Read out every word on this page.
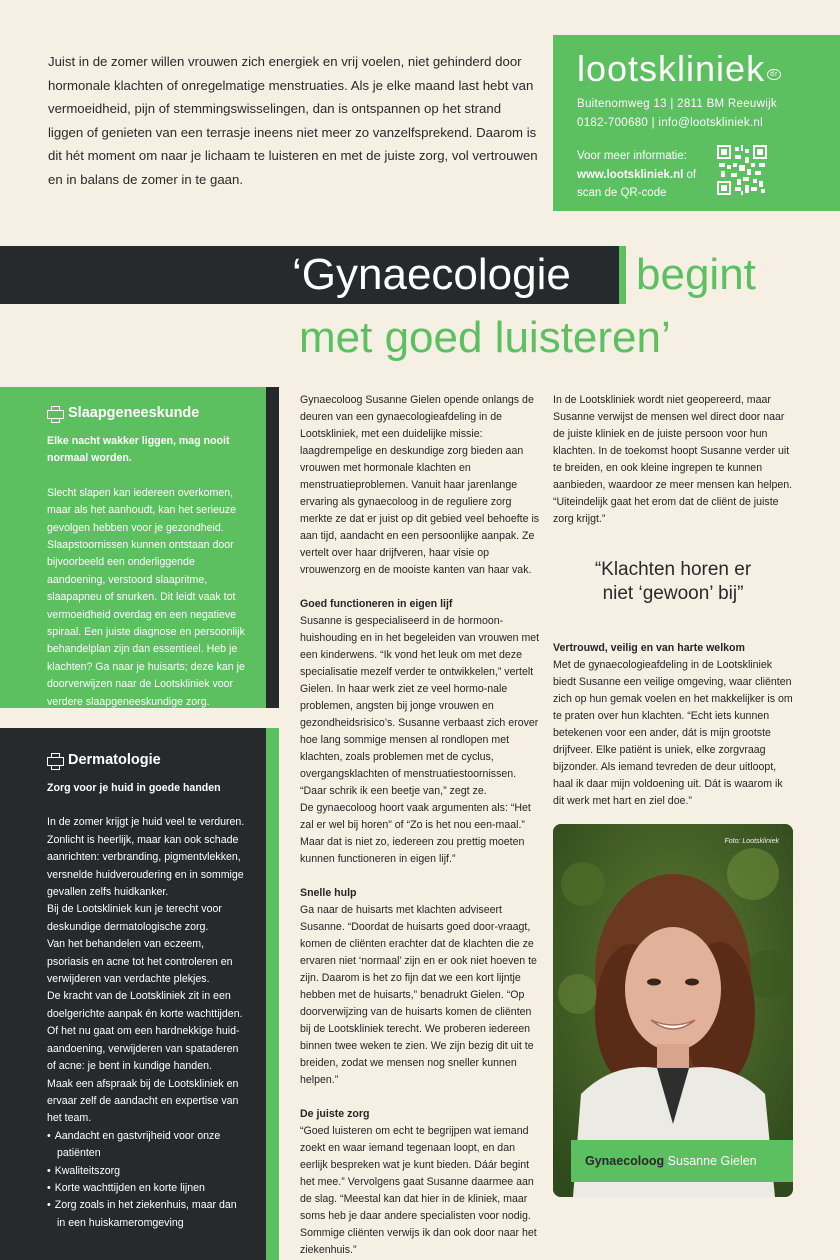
Juist in de zomer willen vrouwen zich energiek en vrij voelen, niet gehinderd door hormonale klachten of onregelmatige menstruaties. Als je elke maand last hebt van vermoeidheid, pijn of stemmingswisselingen, dan is ontspannen op het strand liggen of genieten van een terrasje ineens niet meer zo vanzelfsprekend. Daarom is dit hét moment om naar je lichaam te luisteren en met de juiste zorg, vol vertrouwen en in balans de zomer in te gaan.

lootskliniek $^{dr}$
Buitenomweg 13 | 2811 BM Reeuwijk
0182-700680 | info@lootskliniek.nl
Voor meer informatie:
www.lootskliniek.nl of
scan de QR-code
‘Gynaecologie begint
met goed luisteren’
Slaapgeneeskunde
Elke nacht wakker liggen, mag nooit normaal worden.

Slecht slapen kan iedereen overkomen, maar als het aanhoudt, kan het serieuze gevolgen hebben voor je gezondheid. Slaapstoornissen kunnen ontstaan door bijvoorbeeld een onderliggende aandoening, verstoord slaapritme, slaapapneu of snurken. Dit leidt vaak tot vermoeidheid overdag en een negatieve spiraal. Een juiste diagnose en persoonlijk behandelplan zijn dan essentieel. Heb je klachten? Ga naar je huisarts; deze kan je doorverwijzen naar de Lootskliniek voor verdere slaapgeneeskundige zorg.

Dermatologie
Zorg voor je huid in goede handen

In de zomer krijgt je huid veel te verduren. Zonlicht is heerlijk, maar kan ook schade aanrichten: verbranding, pigmentvlekken, versnelde huidveroudering en in sommige gevallen zelfs huidkanker.

Bij de Lootskliniek kun je terecht voor deskundige dermatologische zorg.

Van het behandelen van eczeem, psoriasis en acne tot het controleren en verwijderen van verdachte plekjes.

De kracht van de Lootskliniek zit in een doelgerichte aanpak én korte wachttijden. Of het nu gaat om een hardnekkige huid-aandoening, verwijderen van spataderen of acne: je bent in kundige handen.

Maak een afspraak bij de Lootskliniek en ervaar zelf de aandacht en expertise van het team.

• Aandacht en gastvrijheid voor onze patiënten
• Kwaliteitszorg
• Korte wachttijden en korte lijnen
• Zorg zoals in het ziekenhuis, maar dan in een huiskameromgeving

Gynaecoloog Susanne Gielen opende onlangs de deuren van een gynaecologieafdeling in de Lootskliniek, met een duidelijke missie: laagdrempelige en deskundige zorg bieden aan vrouwen met hormonale klachten en menstruatieproblemen. Vanuit haar jarenlange ervaring als gynaecoloog in de reguliere zorg merkte ze dat er juist op dit gebied veel behoefte is aan tijd, aandacht en een persoonlijke aanpak. Ze vertelt over haar drijfveren, haar visie op vrouwenzorg en de mooiste kanten van haar vak.

Goed functioneren in eigen lijf

Susanne is gespecialiseerd in de hormoon-huishouding en in het begeleiden van vrouwen met een kinderwens. “Ik vond het leuk om met deze specialisatie mezelf verder te ontwikkelen,” vertelt Gielen. In haar werk ziet ze veel hormo-nale problemen, angsten bij jonge vrouwen en gezondheidsrisico’s. Susanne verbaast zich erover hoe lang sommige mensen al rondlopen met klachten, zoals problemen met de cyclus, overgangsklachten of menstruatiestoornissen. “Daar schrik ik een beetje van,” zegt ze.

De gynaecoloog hoort vaak argumenten als: “Het zal er wel bij horen” of “Zo is het nou een-maal.” Maar dat is niet zo, iedereen zou prettig moeten kunnen functioneren in eigen lijf.”

Snelle hulp

Ga naar de huisarts met klachten adviseert Susanne. “Doordat de huisarts goed door-vraagt, komen de cliënten erachter dat de klachten die ze ervaren niet ‘normaal’ zijn en er ook niet hoeven te zijn. Daarom is het zo fijn dat we een kort lijntje hebben met de huisarts,” benadrukt Gielen. “Op doorverwijzing van de huisarts komen de cliënten bij de Lootskliniek terecht. We proberen iedereen binnen twee weken te zien. We zijn bezig dit uit te breiden, zodat we mensen nog sneller kunnen helpen.”

De juiste zorg

“Goed luisteren om echt te begrijpen wat iemand zoekt en waar iemand tegenaan loopt, en dan eerlijk bespreken wat je kunt bieden. Dáár begint het mee.” Vervolgens gaat Susanne daarmee aan de slag. “Meestal kan dat hier in de kliniek, maar soms heb je daar andere specialisten voor nodig. Sommige cliënten verwijs ik dan ook door naar het ziekenhuis.”

In de Lootskliniek wordt niet geopereerd, maar Susanne verwijst de mensen wel direct door naar de juiste kliniek en de juiste persoon voor hun klachten. In de toekomst hoopt Susanne verder uit te breiden, en ook kleine ingrepen te kunnen aanbieden, waardoor ze meer mensen kan helpen. “Uiteindelijk gaat het erom dat de cliënt de juiste zorg krijgt.”

“Klachten horen er
niet ‘gewoon’ bij”
Vertrouwd, veilig en van harte welkom

Met de gynaecologieafdeling in de Lootskliniek biedt Susanne een veilige omgeving, waar cliënten zich op hun gemak voelen en het makkelijker is om te praten over hun klachten. “Echt iets kunnen betekenen voor een ander, dát is mijn grootste drijfveer. Elke patiënt is uniek, elke zorgvraag bijzonder. Als iemand tevreden de deur uitloopt, haal ik daar mijn voldoening uit. Dát is waarom ik dit werk met hart en ziel doe.”

Foto: Lootskliniek
Gynaecoloog Susanne Gielen
